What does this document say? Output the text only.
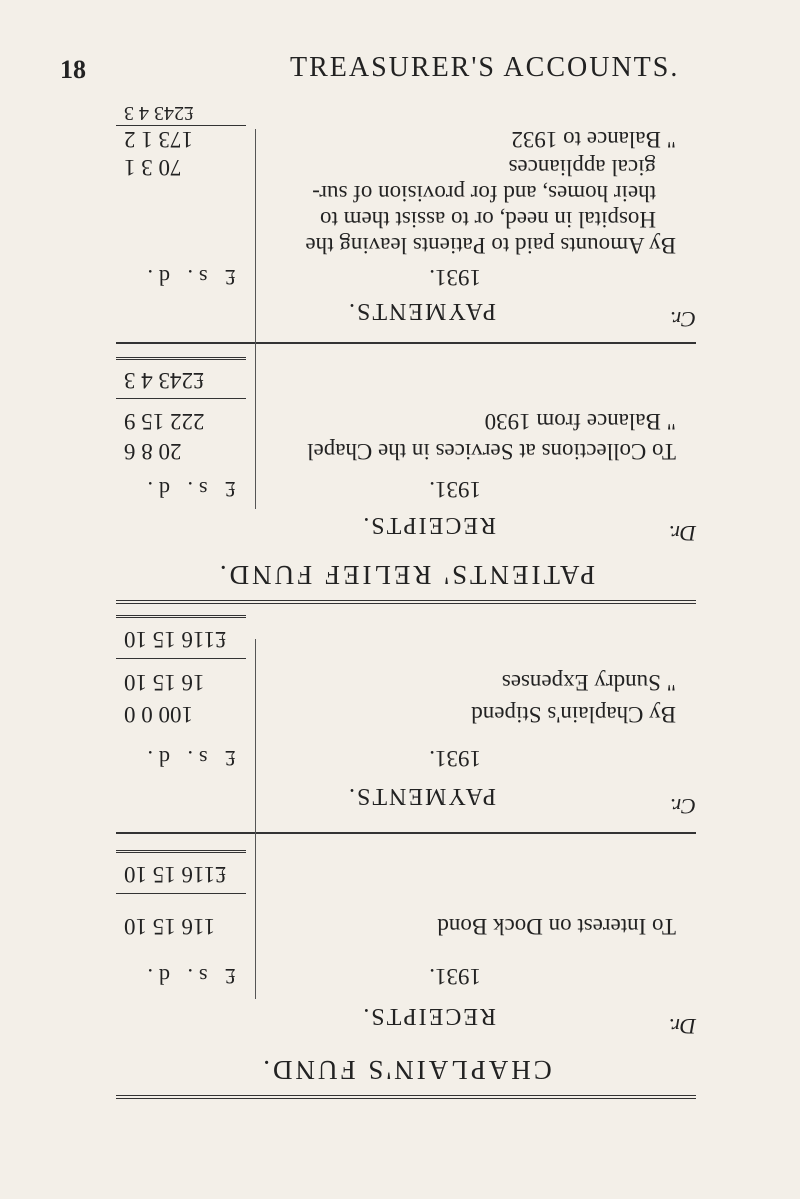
18	TREASURER'S ACCOUNTS.
CHAPLAIN'S FUND.
Dr.
RECEIPTS.
1931.
£ s. d.
To Interest on Dock Bond
116 15 10
£116 15 10
Cr.
PAYMENTS.
1931.
£ s. d.
By Chaplain's Stipend
100 0 0
" Sundry Expenses
16 15 10
£116 15 10
PATIENTS' RELIEF FUND.
Dr.
RECEIPTS.
1931.
£ s. d.
To Collections at Services in the Chapel
20 8 6
" Balance from 1930
222 15 9
£243 4 3
Cr.
PAYMENTS.
1931.
£ s. d.
By Amounts paid to Patients leaving the
Hospital in need, or to assist them to
their homes, and for provision of sur-
gical appliances
70 3 1
" Balance to 1932
173 1 2
£243 4 3
